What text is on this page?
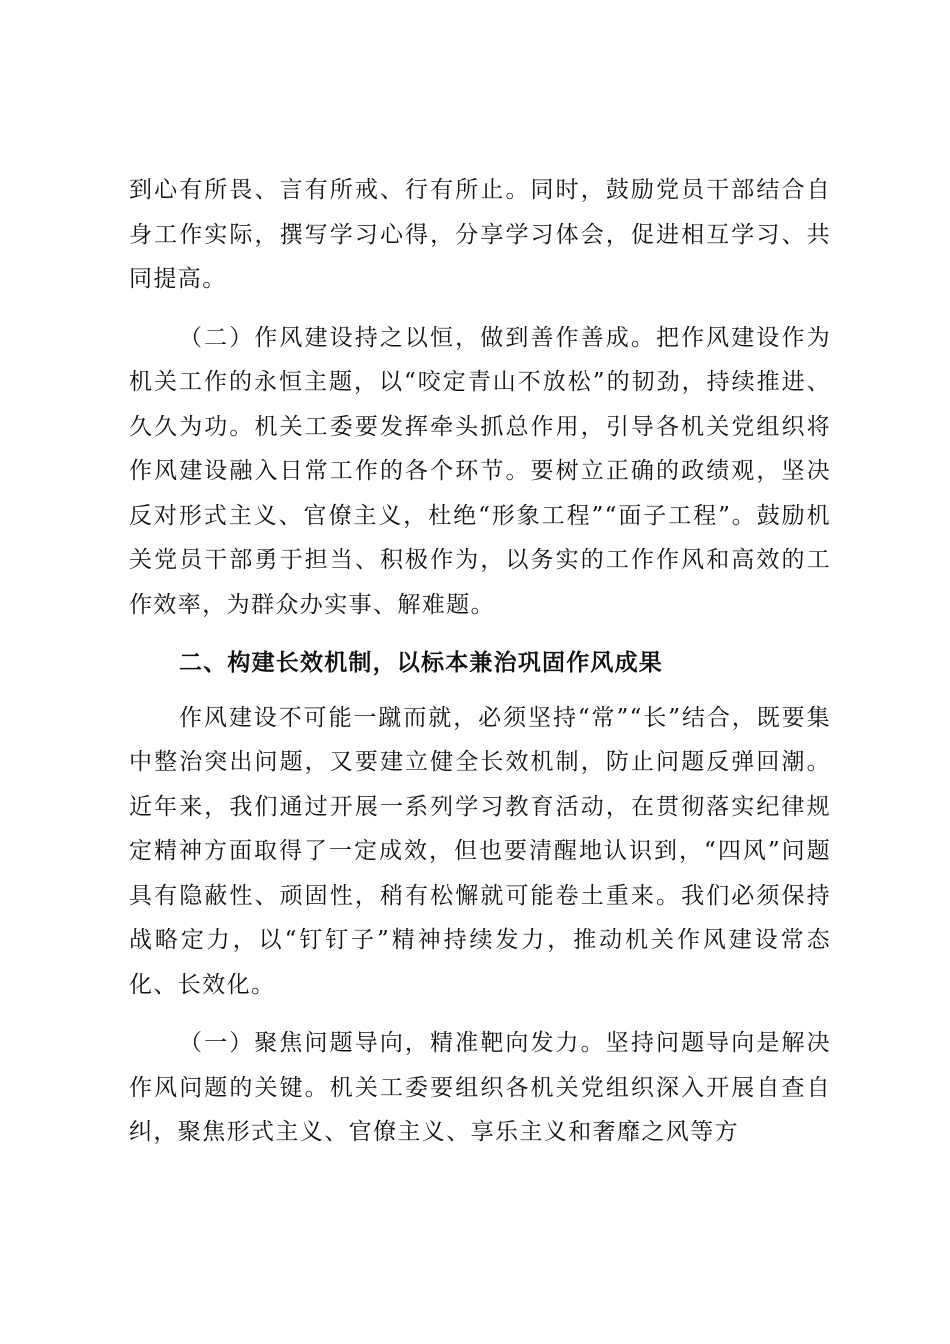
到心有所畏、言有所戒、行有所止。同时，鼓励党员干部结合自身工作实际，撰写学习心得，分享学习体会，促进相互学习、共同提高。

（二）作风建设持之以恒，做到善作善成。把作风建设作为机关工作的永恒主题，以“咬定青山不放松”的韧劲，持续推进、久久为功。机关工委要发挥牵头抓总作用，引导各机关党组织将作风建设融入日常工作的各个环节。要树立正确的政绩观，坚决反对形式主义、官僚主义，杜绝“形象工程”“面子工程”。鼓励机关党员干部勇于担当、积极作为，以务实的工作作风和高效的工作效率，为群众办实事、解难题。

二、构建长效机制，以标本兼治巩固作风成果

作风建设不可能一蹴而就，必须坚持“常”“长”结合，既要集中整治突出问题，又要建立健全长效机制，防止问题反弹回潮。近年来，我们通过开展一系列学习教育活动，在贯彻落实纪律规定精神方面取得了一定成效，但也要清醒地认识到，“四风”问题具有隐蔽性、顽固性，稍有松懈就可能卷土重来。我们必须保持战略定力，以“钉钉子”精神持续发力，推动机关作风建设常态化、长效化。

（一）聚焦问题导向，精准靶向发力。坚持问题导向是解决作风问题的关键。机关工委要组织各机关党组织深入开展自查自纠，聚焦形式主义、官僚主义、享乐主义和奢靡之风等方
